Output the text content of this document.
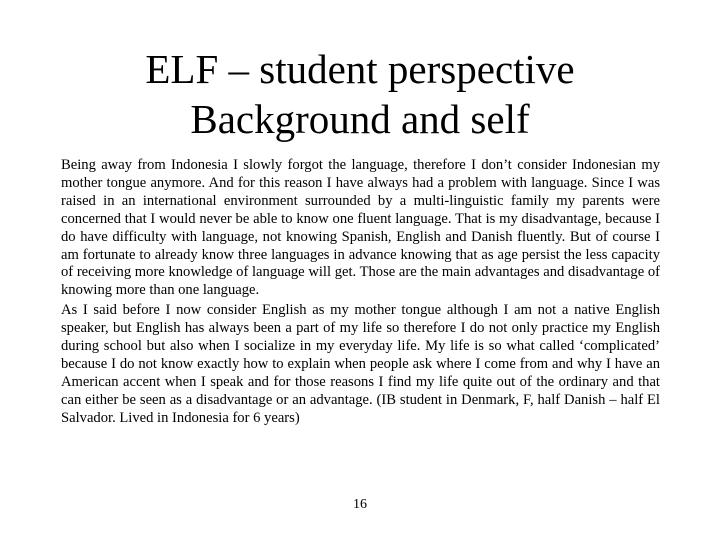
ELF – student perspective
Background and self

Being away from Indonesia I slowly forgot the language, therefore I don’t consider Indonesian my mother tongue anymore. And for this reason I have always had a problem with language. Since I was raised in an international environment surrounded by a multi-linguistic family my parents were concerned that I would never be able to know one fluent language. That is my disadvantage, because I do have difficulty with language, not knowing Spanish, English and Danish fluently. But of course I am fortunate to already know three languages in advance knowing that as age persist the less capacity of receiving more knowledge of language will get. Those are the main advantages and disadvantage of knowing more than one language.

As I said before I now consider English as my mother tongue although I am not a native English speaker, but English has always been a part of my life so therefore I do not only practice my English during school but also when I socialize in my everyday life. My life is so what called ‘complicated’ because I do not know exactly how to explain when people ask where I come from and why I have an American accent when I speak and for those reasons I find my life quite out of the ordinary and that can either be seen as a disadvantage or an advantage. (IB student in Denmark, F, half Danish – half El Salvador. Lived in Indonesia for 6 years)

16
